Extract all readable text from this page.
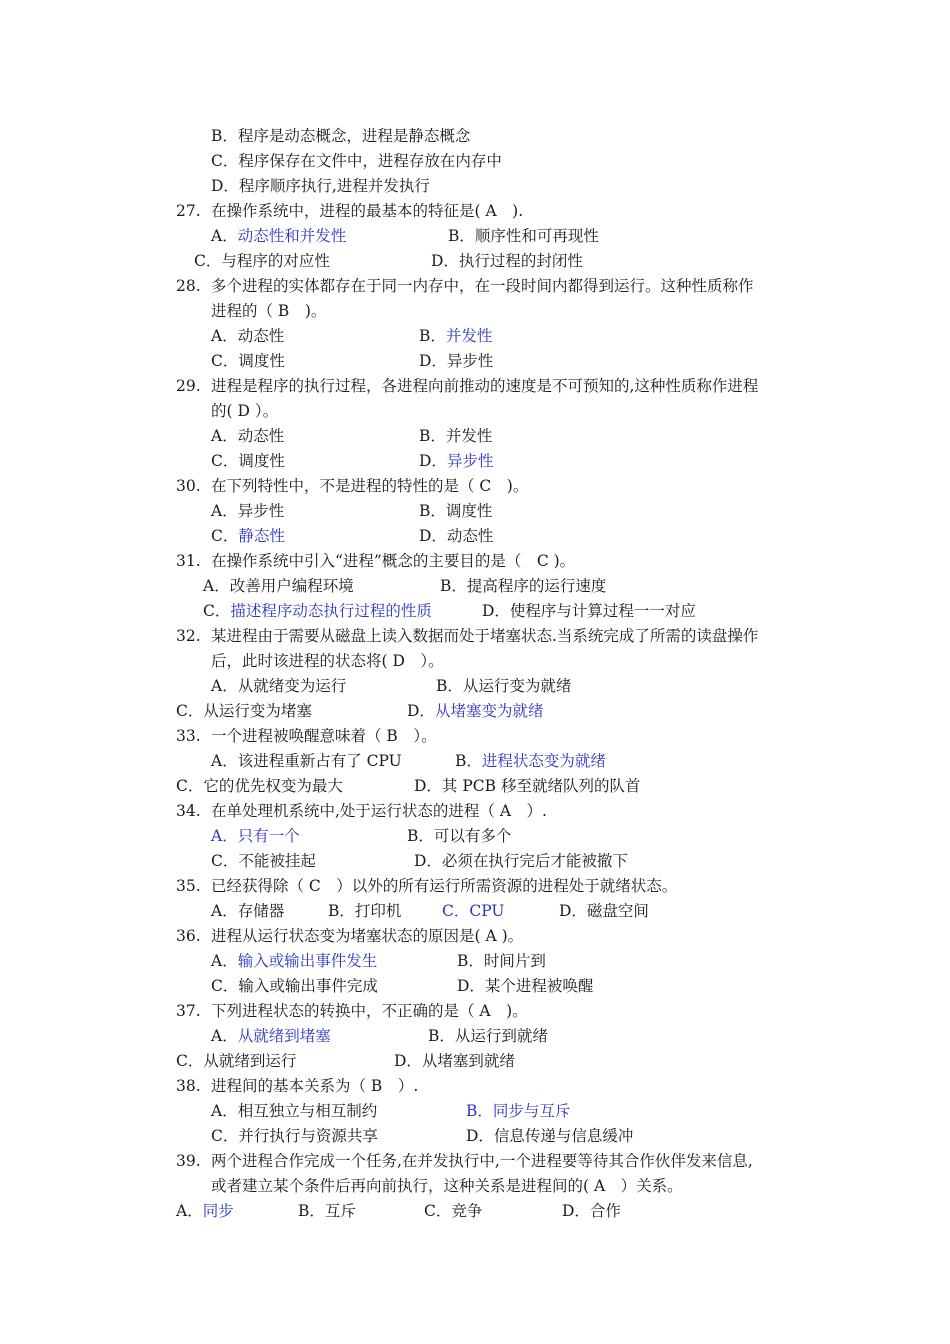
B．程序是动态概念，进程是静态概念
C．程序保存在文件中，进程存放在内存中
D．程序顺序执行,进程并发执行
27. 在操作系统中，进程的最基本的特征是( A　).
A．动态性和并发性	B．顺序性和可再现性
C．与程序的对应性	D．执行过程的封闭性
28. 多个进程的实体都存在于同一内存中，在一段时间内都得到运行。这种性质称作
进程的（ B　)。
A．动态性	B．并发性
C．调度性	D．异步性
29. 进程是程序的执行过程，各进程向前推动的速度是不可预知的,这种性质称作进程
的( D ）。
A．动态性	B．并发性
C．调度性	D．异步性
30. 在下列特性中，不是进程的特性的是（ C　)。
A．异步性	B．调度性
C．静态性	D．动态性
31. 在操作系统中引入“进程”概念的主要目的是（　C )。
A．改善用户编程环境	B．提高程序的运行速度
C．描述程序动态执行过程的性质	D．使程序与计算过程一一对应
32. 某进程由于需要从磁盘上读入数据而处于堵塞状态.当系统完成了所需的读盘操作
后，此时该进程的状态将( D　）。
A．从就绪变为运行	B．从运行变为就绪
C．从运行变为堵塞	D．从堵塞变为就绪
33. 一个进程被唤醒意味着（ B　）。
A．该进程重新占有了 CPU	B．进程状态变为就绪
C．它的优先权变为最大	D．其 PCB 移至就绪队列的队首
34. 在单处理机系统中,处于运行状态的进程（ A　）.
A．只有一个	B．可以有多个
C．不能被挂起	D．必须在执行完后才能被撤下
35. 已经获得除（ C　）以外的所有运行所需资源的进程处于就绪状态。
A．存储器	B．打印机	C．CPU	D．磁盘空间
36. 进程从运行状态变为堵塞状态的原因是( A )。
A．输入或输出事件发生	B．时间片到
C．输入或输出事件完成	D．某个进程被唤醒
37. 下列进程状态的转换中，不正确的是（ A　)。
A．从就绪到堵塞	B．从运行到就绪
C．从就绪到运行	D．从堵塞到就绪
38. 进程间的基本关系为（ B　）.
A．相互独立与相互制约	B．同步与互斥
C．并行执行与资源共享	D．信息传递与信息缓冲
39. 两个进程合作完成一个任务,在并发执行中,一个进程要等待其合作伙伴发来信息,
或者建立某个条件后再向前执行，这种关系是进程间的( A　）关系。
A．同步	B．互斥	C．竞争	D．合作
